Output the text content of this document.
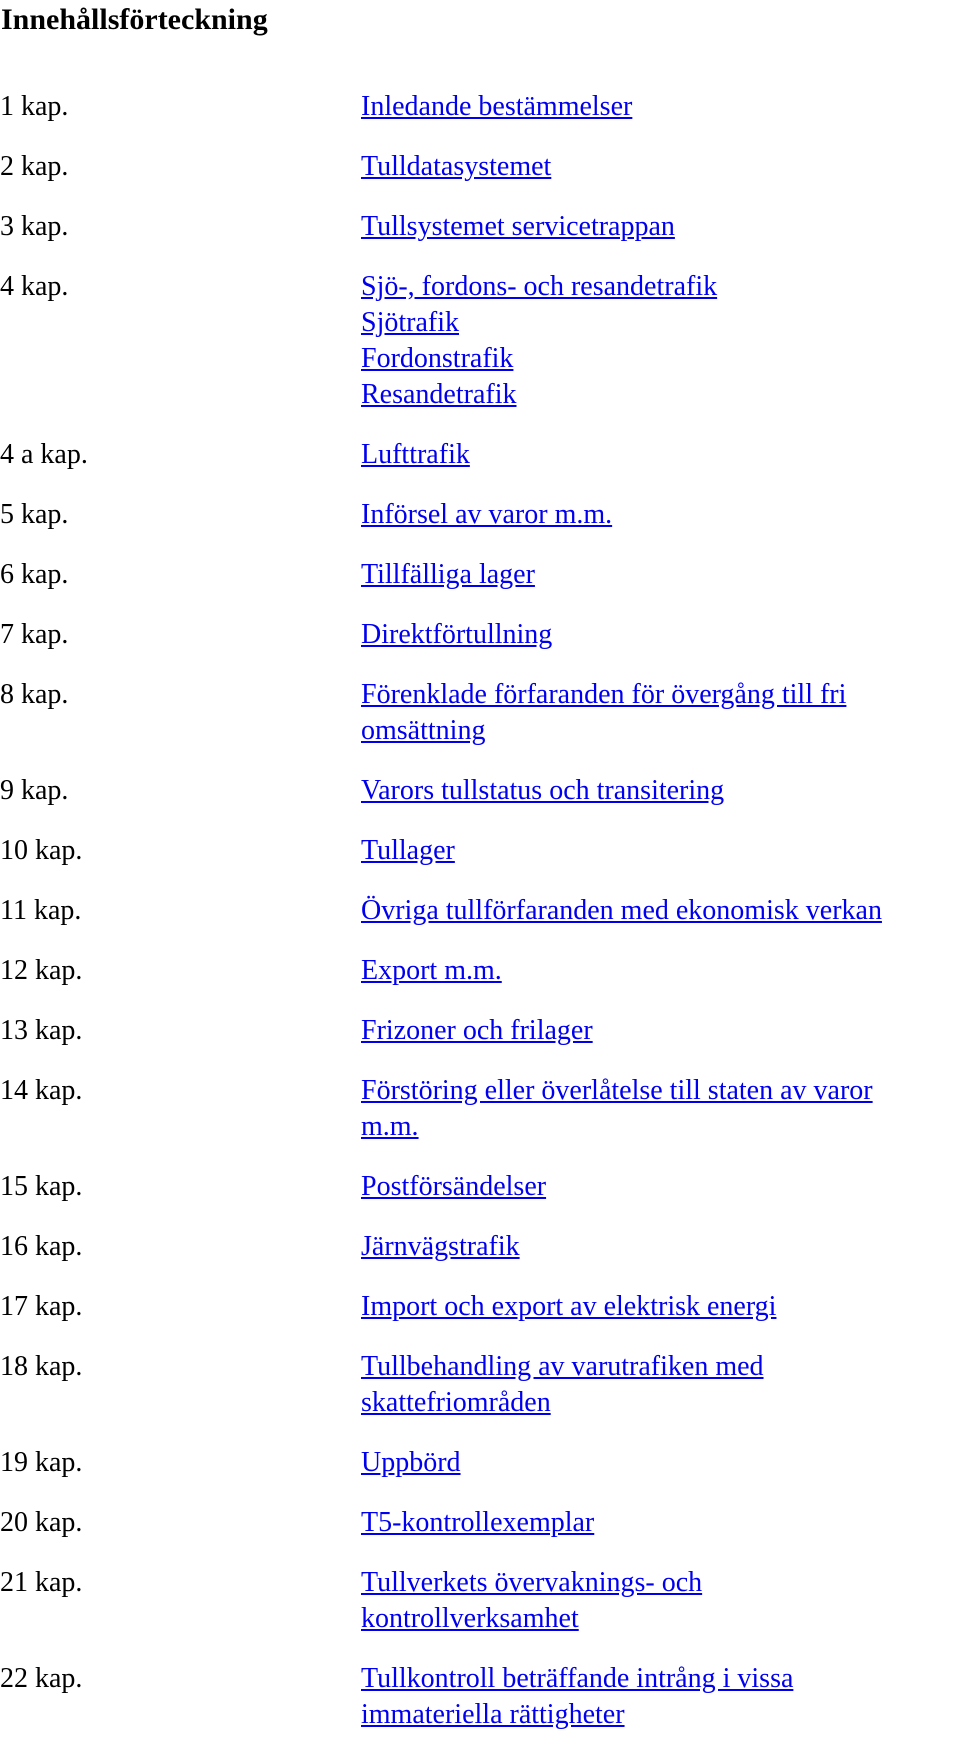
Innehållsförteckning
1 kap.	Inledande bestämmelser
2 kap.	Tulldatasystemet
3 kap.	Tullsystemet servicetrappan
4 kap.	Sjö-, fordons- och resandetrafik
Sjötrafik
Fordonstrafik
Resandetrafik
4 a kap.	Lufttrafik
5 kap.	Införsel av varor m.m.
6 kap.	Tillfälliga lager
7 kap.	Direktförtullning
8 kap.	Förenklade förfaranden för övergång till fri
omsättning
9 kap.	Varors tullstatus och transitering
10 kap.	Tullager
11 kap.	Övriga tullförfaranden med ekonomisk verkan
12 kap.	Export m.m.
13 kap.	Frizoner och frilager
14 kap.	Förstöring eller överlåtelse till staten av varor
m.m.
15 kap.	Postförsändelser
16 kap.	Järnvägstrafik
17 kap.	Import och export av elektrisk energi
18 kap.	Tullbehandling av varutrafiken med
skattefriområden
19 kap.	Uppbörd
20 kap.	T5-kontrollexemplar
21 kap.	Tullverkets övervaknings- och
kontrollverksamhet
22 kap.	Tullkontroll beträffande intrång i vissa
immateriella rättigheter
